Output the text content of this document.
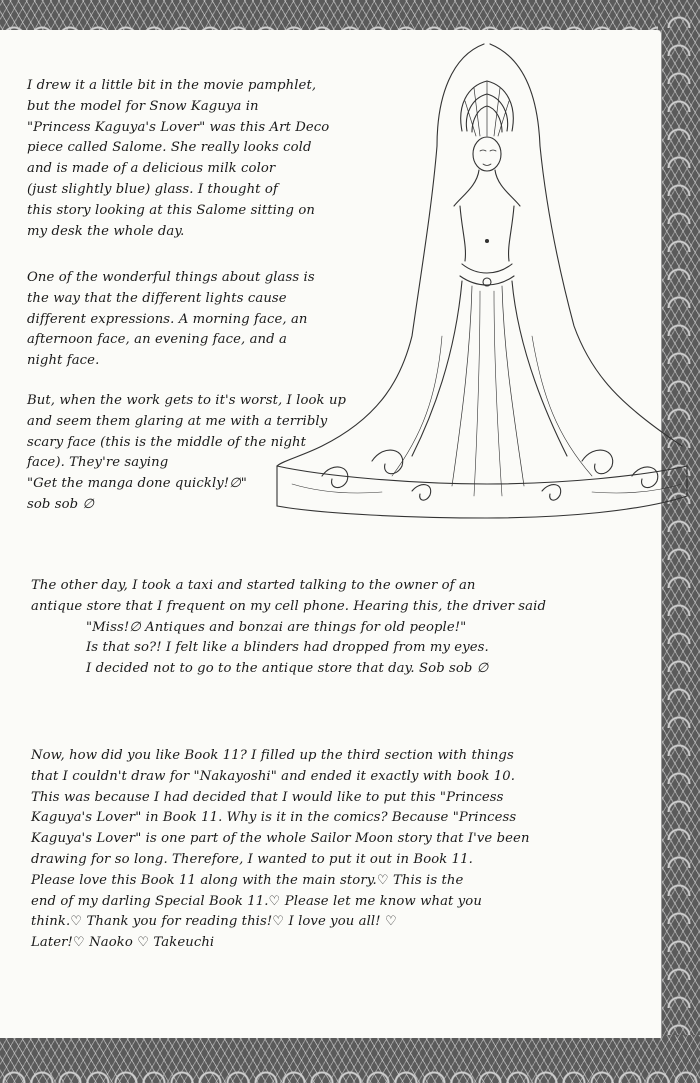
I drew it a little bit in the movie pamphlet,
but the model for Snow Kaguya in
"Princess Kaguya's Lover" was this Art Deco
piece called Salome. She really looks cold
and is made of a delicious milk color
(just slightly blue) glass. I thought of
this story looking at this Salome sitting on
my desk the whole day.
One of the wonderful things about glass is
the way that the different lights cause
different expressions. A morning face, an
afternoon face, an evening face, and a
night face.
But, when the work gets to it's worst, I look up
and seem them glaring at me with a terribly
scary face (this is the middle of the night
face). They're saying
"Get the manga done quickly!∅"
sob sob ∅
The other day, I took a taxi and started talking to the owner of an
antique store that I frequent on my cell phone. Hearing this, the driver said
"Miss!∅ Antiques and bonzai are things for old people!"
Is that so?! I felt like a blinders had dropped from my eyes.
I decided not to go to the antique store that day. Sob sob ∅
Now, how did you like Book 11? I filled up the third section with things
that I couldn't draw for "Nakayoshi" and ended it exactly with book 10.
This was because I had decided that I would like to put this "Princess
Kaguya's Lover" in Book 11. Why is it in the comics? Because "Princess
Kaguya's Lover" is one part of the whole Sailor Moon story that I've been
drawing for so long. Therefore, I wanted to put it out in Book 11.
Please love this Book 11 along with the main story.♡ This is the
end of my darling Special Book 11.♡ Please let me know what you
think.♡ Thank you for reading this!♡ I love you all! ♡
Later!♡ Naoko ♡ Takeuchi
